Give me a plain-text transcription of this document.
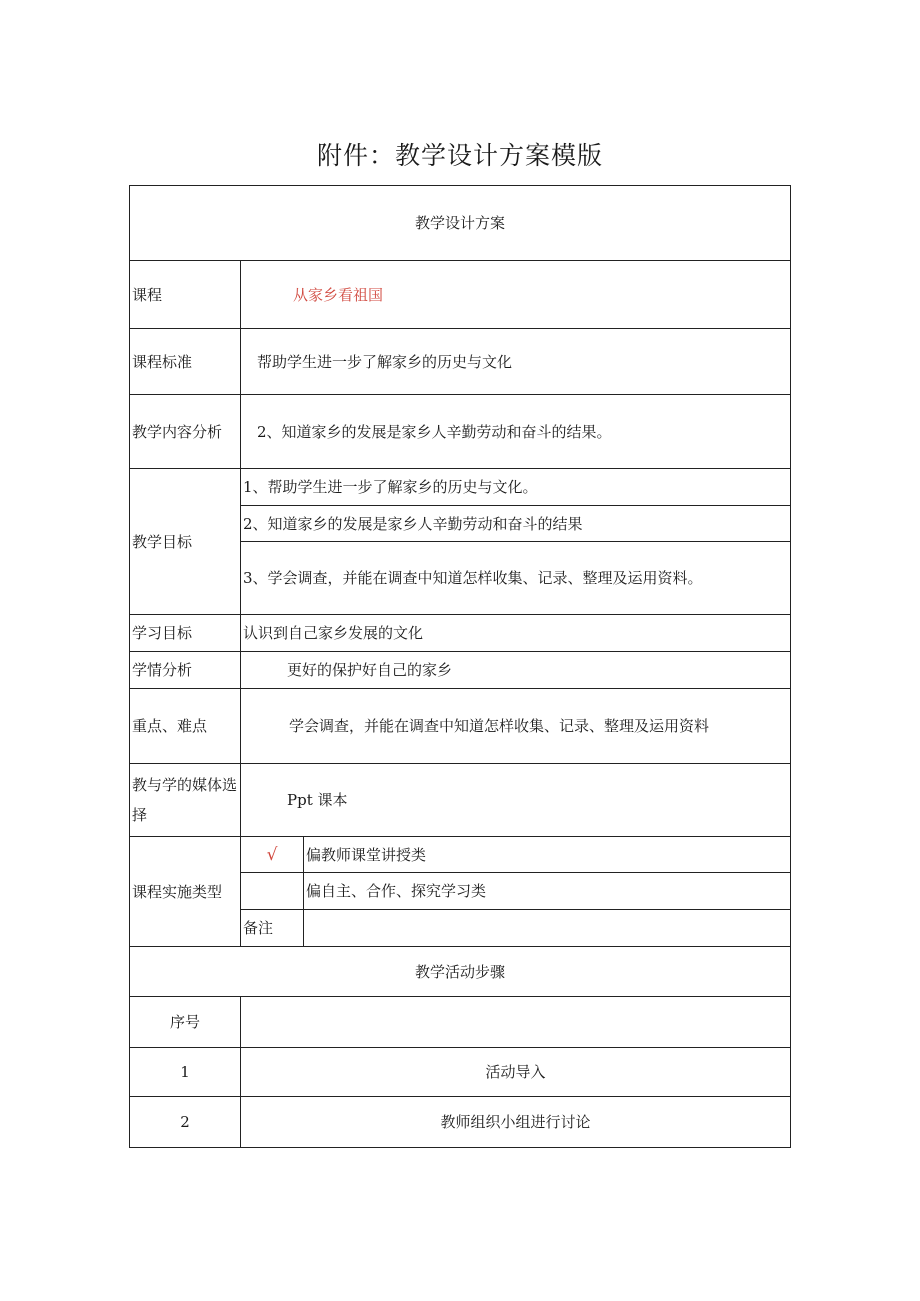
附件：教学设计方案模版
教学设计方案		
课程	从家乡看祖国	
课程标准	帮助学生进一步了解家乡的历史与文化	
教学内容分析	2、知道家乡的发展是家乡人辛勤劳动和奋斗的结果。	
教学目标	1、帮助学生进一步了解家乡的历史与文化。	
	2、知道家乡的发展是家乡人辛勤劳动和奋斗的结果	
	3、学会调查，并能在调查中知道怎样收集、记录、整理及运用资料。	
学习目标	认识到自己家乡发展的文化	
学情分析	更好的保护好自己的家乡	
重点、难点	学会调查，并能在调查中知道怎样收集、记录、整理及运用资料	
教与学的媒体选择	Ppt 课本	
课程实施类型	√	偏教师课堂讲授类
		偏自主、合作、探究学习类
	备注	
教学活动步骤		
序号		
1	活动导入	
2	教师组织小组进行讨论	
